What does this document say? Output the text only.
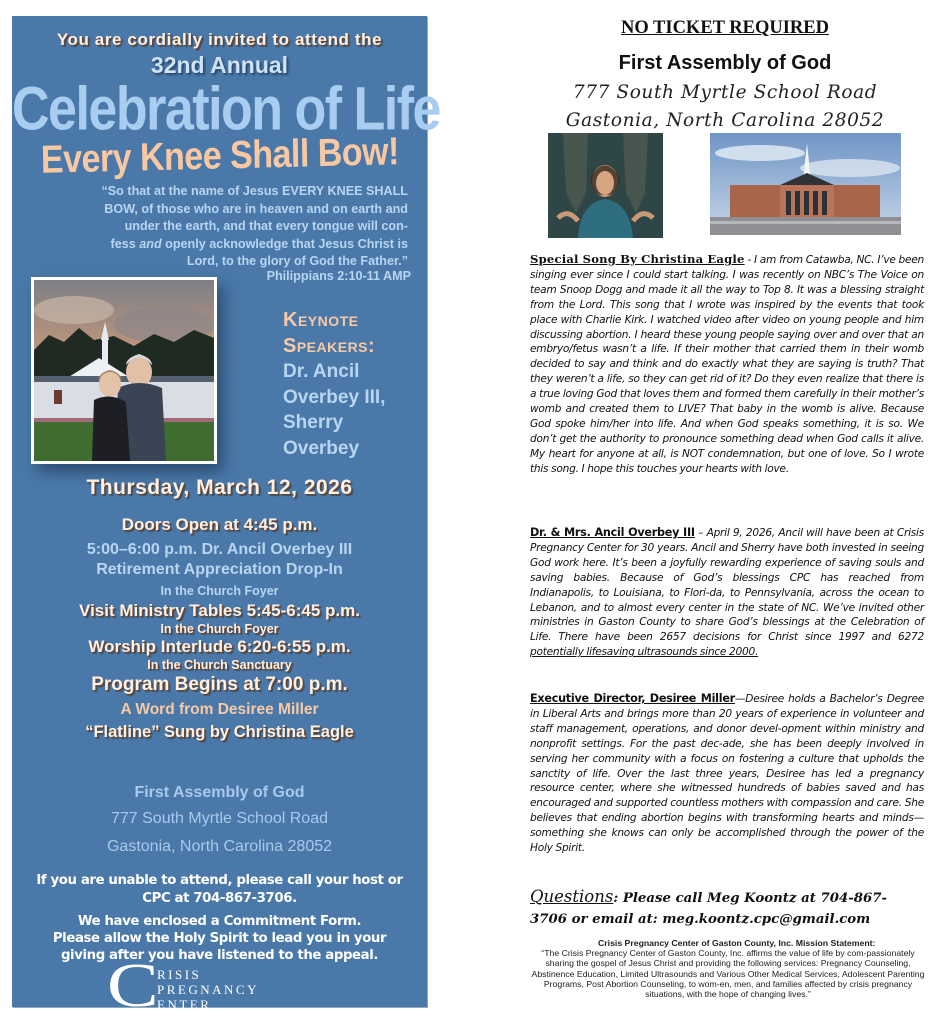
You are cordially invited to attend the
32nd Annual
Celebration of Life
Every Knee Shall Bow!
“So that at the name of Jesus EVERY KNEE SHALL
BOW, of those who are in heaven and on earth and
under the earth, and that every tongue will con-
fess and openly acknowledge that Jesus Christ is
Lord, to the glory of God the Father.”
Philippians 2:10-11 AMP
Keynote
Speakers:
Dr. Ancil
Overbey III,
Sherry
Overbey
Thursday, March 12, 2026
Doors Open at 4:45 p.m.
5:00–6:00 p.m. Dr. Ancil Overbey III
Retirement Appreciation Drop-In
In the Church Foyer
Visit Ministry Tables 5:45-6:45 p.m.
In the Church Foyer
Worship Interlude 6:20-6:55 p.m.
In the Church Sanctuary
Program Begins at 7:00 p.m.
A Word from Desiree Miller
“Flatline” Sung by Christina Eagle
First Assembly of God
777 South Myrtle School Road
Gastonia, North Carolina 28052
If you are unable to attend, please call your host or
CPC at 704-867-3706.
We have enclosed a Commitment Form.
Please allow the Holy Spirit to lead you in your
giving after you have listened to the appeal.
C
RISIS
PREGNANCY
ENTER
OF GASTON COUNTY, INC.
NO TICKET REQUIRED
First Assembly of God
777 South Myrtle School Road
Gastonia, North Carolina 28052
Special Song By Christina Eagle - I am from Catawba, NC. I’ve been singing ever since I could start talking. I was recently on NBC’s The Voice on team Snoop Dogg and made it all the way to Top 8. It was a blessing straight from the Lord. This song that I wrote was inspired by the events that took place with Charlie Kirk. I watched video after video on young people and him discussing abortion. I heard these young people saying over and over that an embryo/fetus wasn’t a life. If their mother that carried them in their womb decided to say and think and do exactly what they are saying is truth? That they weren’t a life, so they can get rid of it? Do they even realize that there is a true loving God that loves them and formed them carefully in their mother’s womb and created them to LIVE? That baby in the womb is alive. Because God spoke him/her into life. And when God speaks something, it is so. We don’t get the authority to pronounce something dead when God calls it alive. My heart for anyone at all, is NOT condemnation, but one of love. So I wrote this song. I hope this touches your hearts with love.
Dr. & Mrs. Ancil Overbey III – April 9, 2026, Ancil will have been at Crisis Pregnancy Center for 30 years. Ancil and Sherry have both invested in seeing God work here. It’s been a joyfully rewarding experience of saving souls and saving babies. Because of God’s blessings CPC has reached from Indianapolis, to Louisiana, to Flori-da, to Pennsylvania, across the ocean to Lebanon, and to almost every center in the state of NC. We’ve invited other ministries in Gaston County to share God’s blessings at the Celebration of Life. There have been 2657 decisions for Christ since 1997 and 6272 potentially lifesaving ultrasounds since 2000.
Executive Director, Desiree Miller—Desiree holds a Bachelor’s Degree in Liberal Arts and brings more than 20 years of experience in volunteer and staff management, operations, and donor devel-opment within ministry and nonprofit settings. For the past dec-ade, she has been deeply involved in serving her community with a focus on fostering a culture that upholds the sanctity of life. Over the last three years, Desiree has led a pregnancy resource center, where she witnessed hundreds of babies saved and has encouraged and supported countless mothers with compassion and care. She believes that ending abortion begins with transforming hearts and minds—something she knows can only be accomplished through the power of the Holy Spirit.
Questions: Please call Meg Koontz at 704-867-3706 or email at: meg.koontz.cpc@gmail.com
Crisis Pregnancy Center of Gaston County, Inc. Mission Statement:
“The Crisis Pregnancy Center of Gaston County, Inc. affirms the value of life by com-passionately sharing the gospel of Jesus Christ and providing the following services: Pregnancy Counseling, Abstinence Education, Limited Ultrasounds and Various Other Medical Services, Adolescent Parenting Programs, Post Abortion Counseling, to wom-en, men, and families affected by crisis pregnancy situations, with the hope of changing lives.”
